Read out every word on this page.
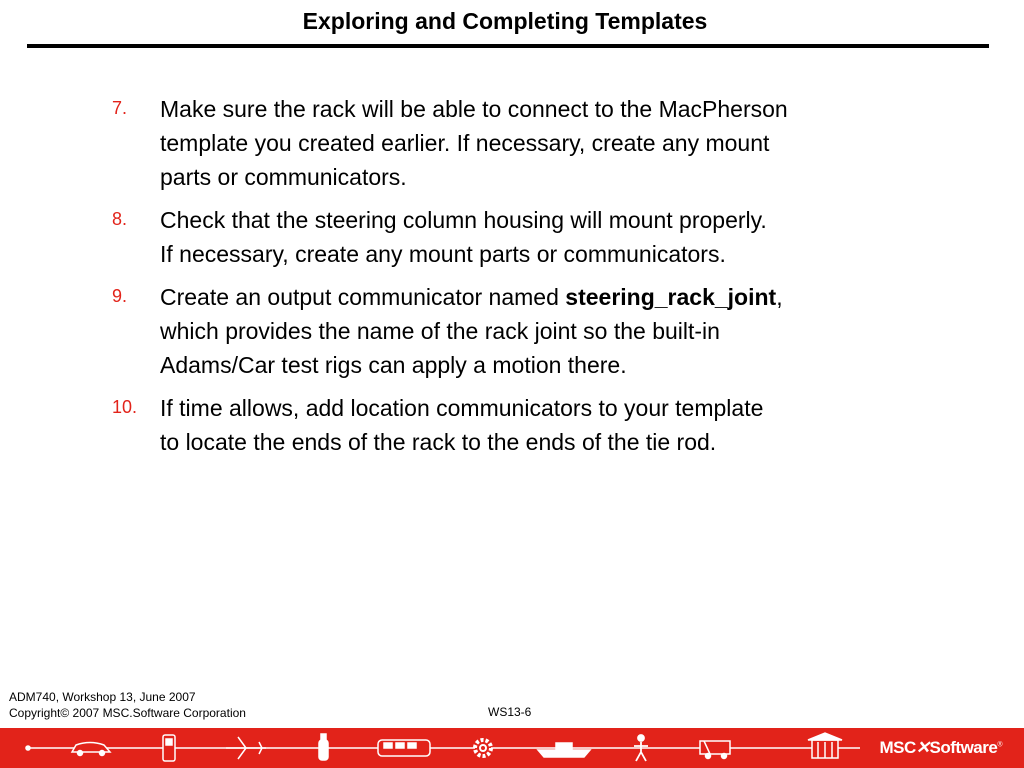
Exploring and Completing Templates
7. Make sure the rack will be able to connect to the MacPherson
template you created earlier. If necessary, create any mount
parts or communicators.
8. Check that the steering column housing will mount properly.
If necessary, create any mount parts or communicators.
9. Create an output communicator named steering_rack_joint,
which provides the name of the rack joint so the built-in
Adams/Car test rigs can apply a motion there.
10. If time allows, add location communicators to your template
to locate the ends of the rack to the ends of the tie rod.
ADM740, Workshop 13, June 2007
Copyright© 2007 MSC.Software Corporation	WS13-6
MSC✕Software®
